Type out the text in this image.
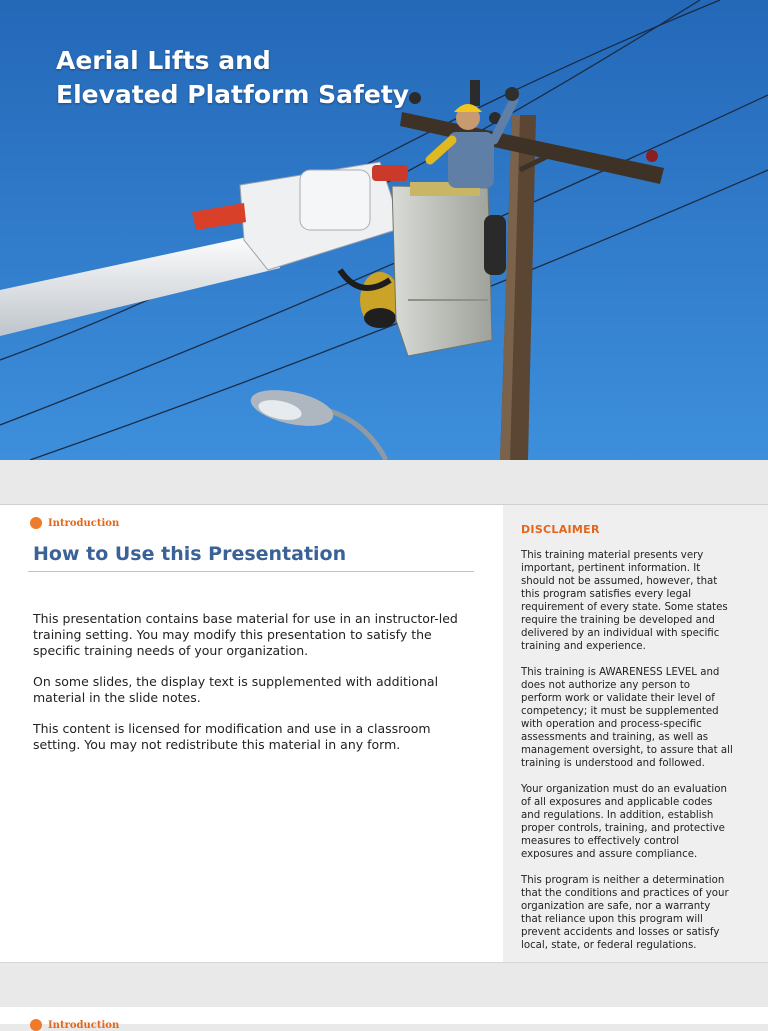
Aerial Lifts and
Elevated Platform Safety
Introduction
How to Use this Presentation

This presentation contains base material for use in an instructor-led training setting. You may modify this presentation to satisfy the specific training needs of your organization.

On some slides, the display text is supplemented with additional material in the slide notes.

This content is licensed for modification and use in a classroom setting. You may not redistribute this material in any form.

DISCLAIMER

This training material presents very important, pertinent information. It should not be assumed, however, that this program satisfies every legal requirement of every state. Some states require the training be developed and delivered by an individual with specific training and experience.

This training is AWARENESS LEVEL and does not authorize any person to perform work or validate their level of competency; it must be supplemented with operation and process-specific assessments and training, as well as management oversight, to assure that all training is understood and followed.

Your organization must do an evaluation of all exposures and applicable codes and regulations. In addition, establish proper controls, training, and protective measures to effectively control exposures and assure compliance.

This program is neither a determination that the conditions and practices of your organization are safe, nor a warranty that reliance upon this program will prevent accidents and losses or satisfy local, state, or federal regulations.

Introduction
